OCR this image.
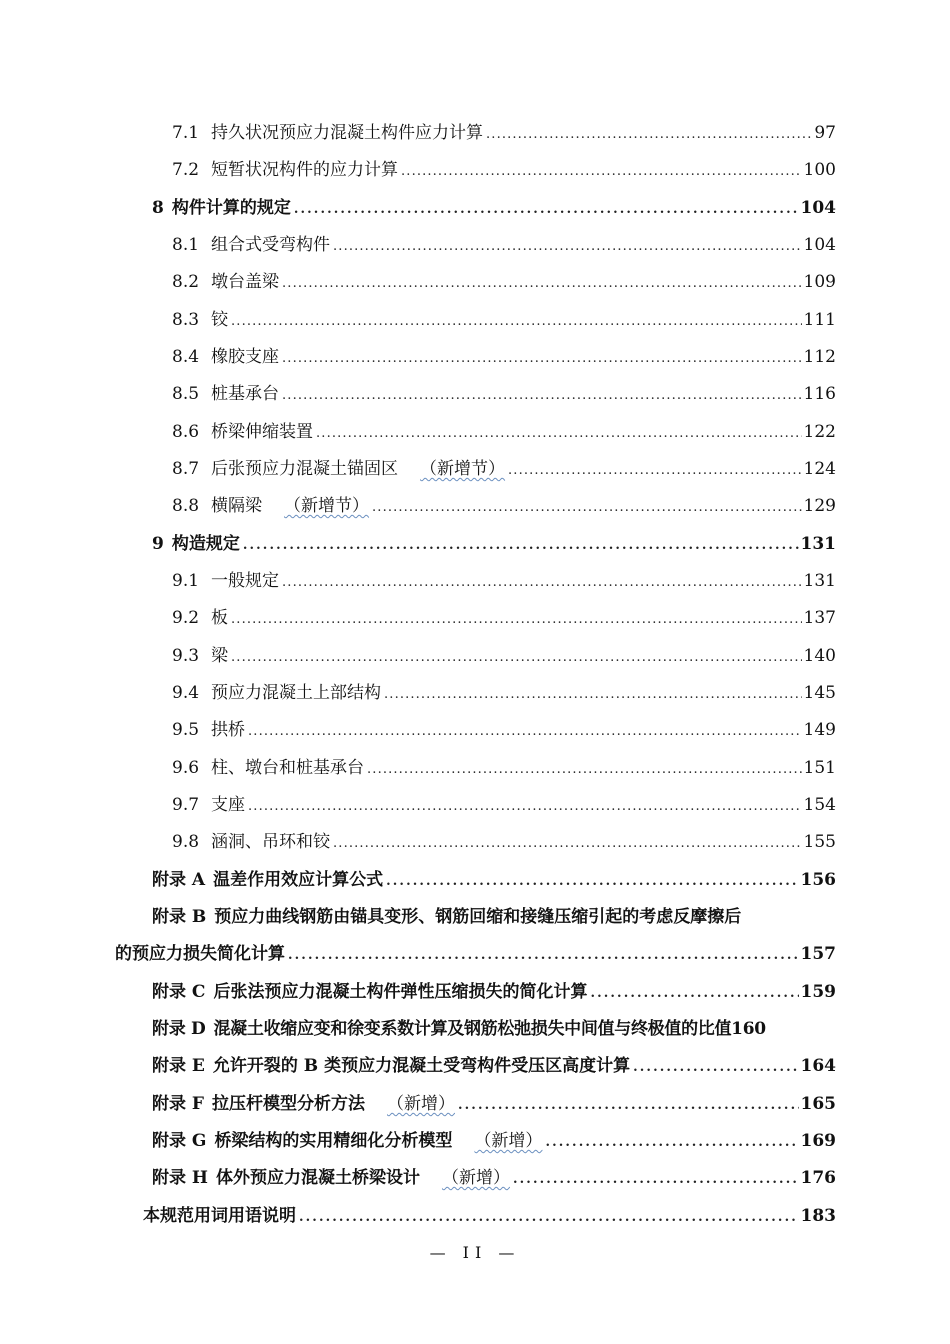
7.1 持久状况预应力混凝土构件应力计算 . . .	97
7.2 短暂状况构件的应力计算 . . .	100
8 构件计算的规定 . . .	104
8.1 组合式受弯构件 . . .	104
8.2 墩台盖梁 . . .	109
8.3 铰 . . .	111
8.4 橡胶支座 . . .	112
8.5 桩基承台 . . .	116
8.6 桥梁伸缩装置 . . .	122
8.7 后张预应力混凝土锚固区 （新增节） . . .	124
8.8 横隔梁 （新增节） . . .	129
9 构造规定 . . .	131
9.1 一般规定 . . .	131
9.2 板 . . .	137
9.3 梁 . . .	140
9.4 预应力混凝土上部结构 . . .	145
9.5 拱桥 . . .	149
9.6 柱、墩台和桩基承台 . . .	151
9.7 支座 . . .	154
9.8 涵洞、吊环和铰 . . .	155
附录 A 温差作用效应计算公式 . . .	156
附录 B 预应力曲线钢筋由锚具变形、钢筋回缩和接缝压缩引起的考虑反摩擦后
的预应力损失简化计算 . . .	157
附录 C 后张法预应力混凝土构件弹性压缩损失的简化计算 . . .	159
附录 D 混凝土收缩应变和徐变系数计算及钢筋松弛损失中间值与终极值的比值 160
附录 E 允许开裂的 B 类预应力混凝土受弯构件受压区高度计算 . . .	164
附录 F 拉压杆模型分析方法 （新增） . . .	165
附录 G 桥梁结构的实用精细化分析模型 （新增） . . .	169
附录 H 体外预应力混凝土桥梁设计 （新增） . . .	176
本规范用词用语说明 . . .	183
— II —
